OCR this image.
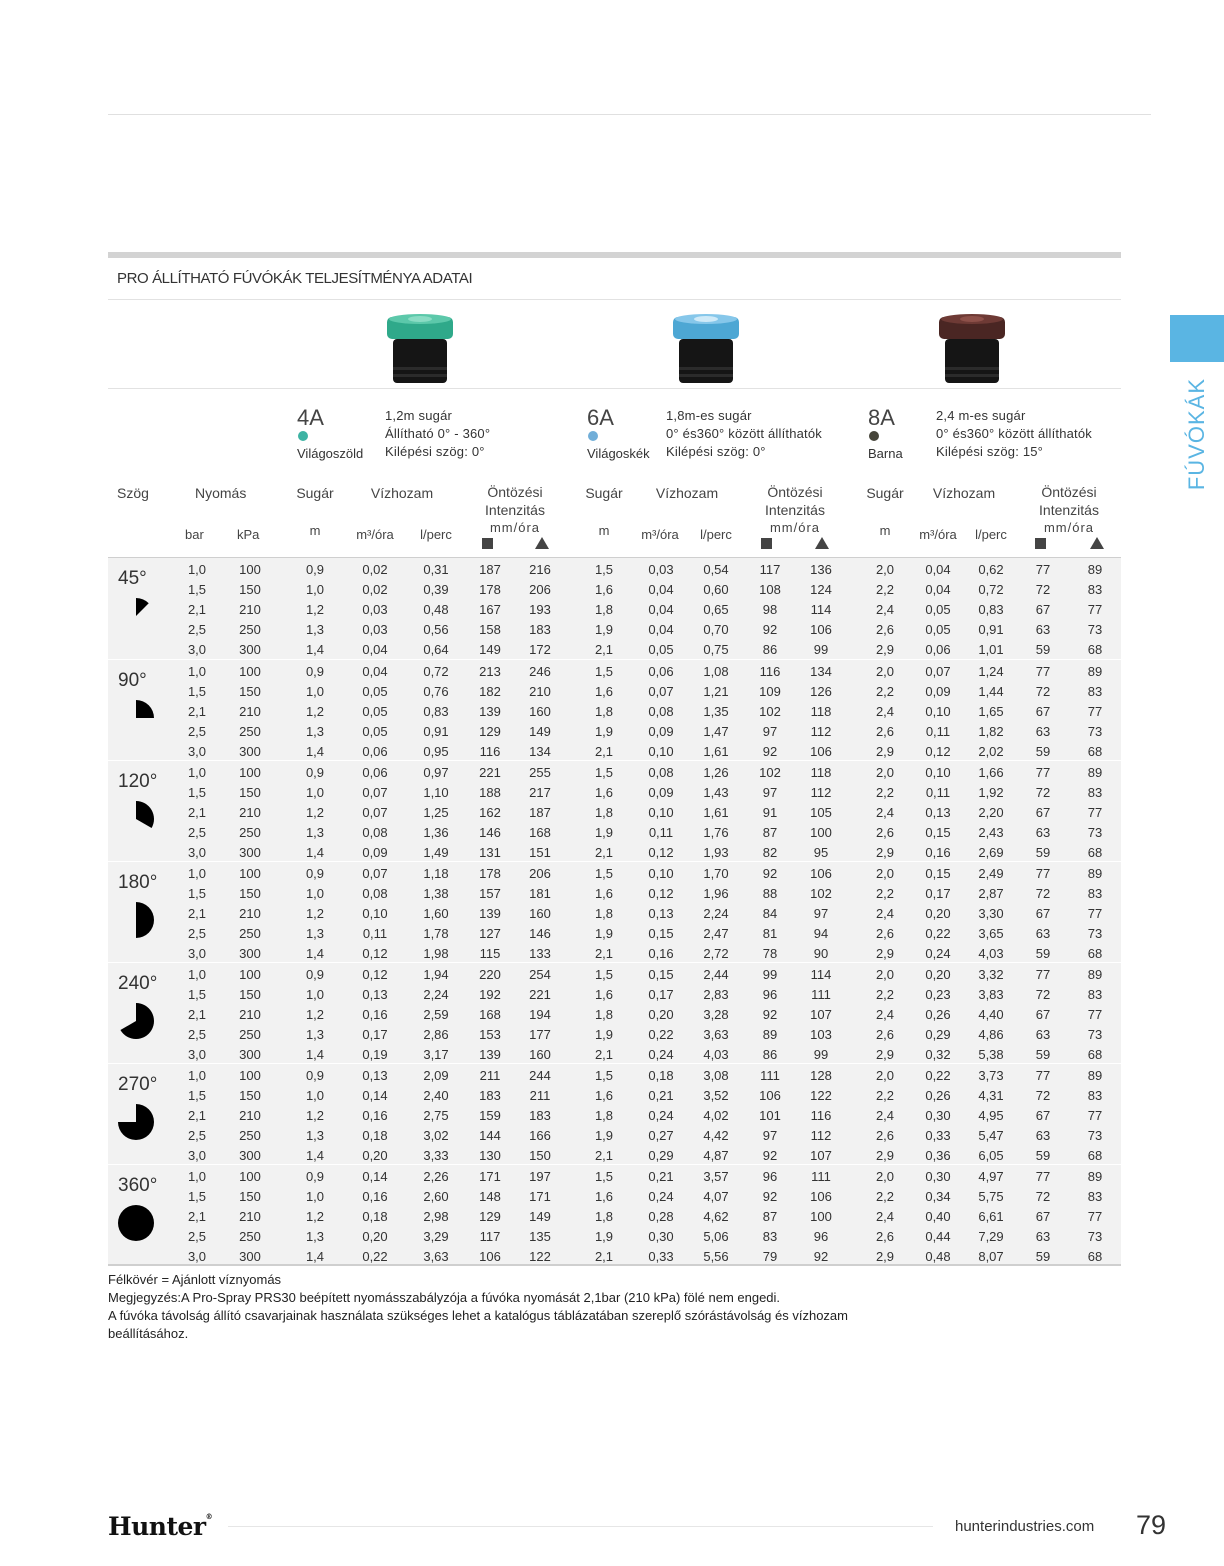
FÚVÓKÁK
PRO ÁLLÍTHATÓ FÚVÓKÁK TELJESÍTMÉNYA ADATAI
4A
Világoszöld
1,2m sugár
Állítható 0° - 360°
Kilépési szög: 0°
6A
Világoskék
1,8m-es sugár
0° és360° között állíthatók
Kilépési szög: 0°
8A
Barna
2,4 m-es sugár
0° és360° között állíthatók
Kilépési szög: 15°
Szög	Nyomás
bar	kPa
Sugár	Vízhozam	Öntözési
Intenzitás
mm/óra
m	m³/óra	l/perc
Sugár	Vízhozam	Öntözési
Intenzitás
mm/óra
m	m³/óra	l/perc
Sugár	Vízhozam	Öntözési
Intenzitás
mm/óra
m	m³/óra	l/perc
45°	1,0	100	0,9	0,02	0,31	187	216	1,5	0,03	0,54	117	136	2,0	0,04	0,62	77	89
1,5	150	1,0	0,02	0,39	178	206	1,6	0,04	0,60	108	124	2,2	0,04	0,72	72	83
2,1	210	1,2	0,03	0,48	167	193	1,8	0,04	0,65	98	114	2,4	0,05	0,83	67	77
2,5	250	1,3	0,03	0,56	158	183	1,9	0,04	0,70	92	106	2,6	0,05	0,91	63	73
3,0	300	1,4	0,04	0,64	149	172	2,1	0,05	0,75	86	99	2,9	0,06	1,01	59	68
90°	1,0	100	0,9	0,04	0,72	213	246	1,5	0,06	1,08	116	134	2,0	0,07	1,24	77	89
1,5	150	1,0	0,05	0,76	182	210	1,6	0,07	1,21	109	126	2,2	0,09	1,44	72	83
2,1	210	1,2	0,05	0,83	139	160	1,8	0,08	1,35	102	118	2,4	0,10	1,65	67	77
2,5	250	1,3	0,05	0,91	129	149	1,9	0,09	1,47	97	112	2,6	0,11	1,82	63	73
3,0	300	1,4	0,06	0,95	116	134	2,1	0,10	1,61	92	106	2,9	0,12	2,02	59	68
120°	1,0	100	0,9	0,06	0,97	221	255	1,5	0,08	1,26	102	118	2,0	0,10	1,66	77	89
1,5	150	1,0	0,07	1,10	188	217	1,6	0,09	1,43	97	112	2,2	0,11	1,92	72	83
2,1	210	1,2	0,07	1,25	162	187	1,8	0,10	1,61	91	105	2,4	0,13	2,20	67	77
2,5	250	1,3	0,08	1,36	146	168	1,9	0,11	1,76	87	100	2,6	0,15	2,43	63	73
3,0	300	1,4	0,09	1,49	131	151	2,1	0,12	1,93	82	95	2,9	0,16	2,69	59	68
180°	1,0	100	0,9	0,07	1,18	178	206	1,5	0,10	1,70	92	106	2,0	0,15	2,49	77	89
1,5	150	1,0	0,08	1,38	157	181	1,6	0,12	1,96	88	102	2,2	0,17	2,87	72	83
2,1	210	1,2	0,10	1,60	139	160	1,8	0,13	2,24	84	97	2,4	0,20	3,30	67	77
2,5	250	1,3	0,11	1,78	127	146	1,9	0,15	2,47	81	94	2,6	0,22	3,65	63	73
3,0	300	1,4	0,12	1,98	115	133	2,1	0,16	2,72	78	90	2,9	0,24	4,03	59	68
240°	1,0	100	0,9	0,12	1,94	220	254	1,5	0,15	2,44	99	114	2,0	0,20	3,32	77	89
1,5	150	1,0	0,13	2,24	192	221	1,6	0,17	2,83	96	111	2,2	0,23	3,83	72	83
2,1	210	1,2	0,16	2,59	168	194	1,8	0,20	3,28	92	107	2,4	0,26	4,40	67	77
2,5	250	1,3	0,17	2,86	153	177	1,9	0,22	3,63	89	103	2,6	0,29	4,86	63	73
3,0	300	1,4	0,19	3,17	139	160	2,1	0,24	4,03	86	99	2,9	0,32	5,38	59	68
270°	1,0	100	0,9	0,13	2,09	211	244	1,5	0,18	3,08	111	128	2,0	0,22	3,73	77	89
1,5	150	1,0	0,14	2,40	183	211	1,6	0,21	3,52	106	122	2,2	0,26	4,31	72	83
2,1	210	1,2	0,16	2,75	159	183	1,8	0,24	4,02	101	116	2,4	0,30	4,95	67	77
2,5	250	1,3	0,18	3,02	144	166	1,9	0,27	4,42	97	112	2,6	0,33	5,47	63	73
3,0	300	1,4	0,20	3,33	130	150	2,1	0,29	4,87	92	107	2,9	0,36	6,05	59	68
360°	1,0	100	0,9	0,14	2,26	171	197	1,5	0,21	3,57	96	111	2,0	0,30	4,97	77	89
1,5	150	1,0	0,16	2,60	148	171	1,6	0,24	4,07	92	106	2,2	0,34	5,75	72	83
2,1	210	1,2	0,18	2,98	129	149	1,8	0,28	4,62	87	100	2,4	0,40	6,61	67	77
2,5	250	1,3	0,20	3,29	117	135	1,9	0,30	5,06	83	96	2,6	0,44	7,29	63	73
3,0	300	1,4	0,22	3,63	106	122	2,1	0,33	5,56	79	92	2,9	0,48	8,07	59	68
Félkövér = Ajánlott víznyomás
Megjegyzés:A Pro-Spray PRS30 beépített nyomásszabályzója a fúvóka nyomását 2,1bar (210 kPa) fölé nem engedi.
A fúvóka távolság állító csavarjainak használata szükséges lehet a katalógus táblázatában szereplő szórástávolság és vízhozam
beállításához.
Hunter®
hunterindustries.com 79
